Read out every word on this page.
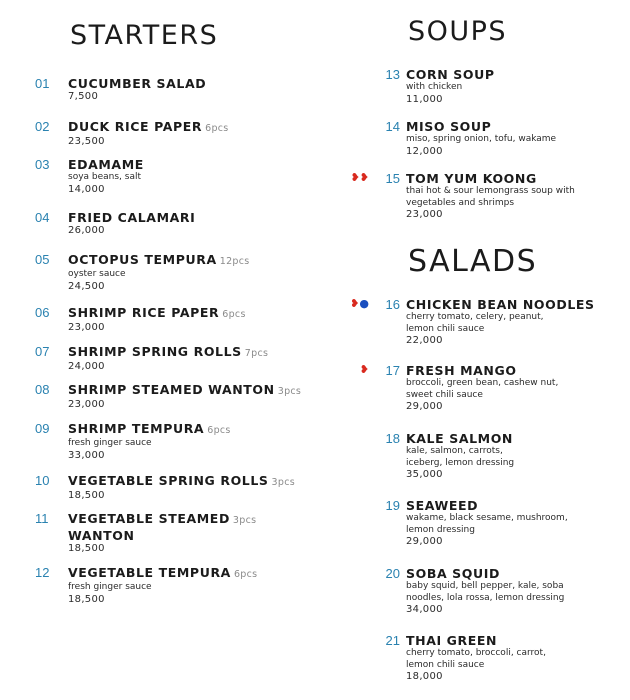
STARTERS
01	CUCUMBER SALAD
7,500
02	DUCK RICE PAPER 6pcs
23,500
03	EDAMAME
soya beans, salt
14,000
04	FRIED CALAMARI
26,000
05	OCTOPUS TEMPURA 12pcs
oyster sauce
24,500
06	SHRIMP RICE PAPER 6pcs
23,000
07	SHRIMP SPRING ROLLS 7pcs
24,000
08	SHRIMP STEAMED WANTON 3pcs
23,000
09	SHRIMP TEMPURA 6pcs
fresh ginger sauce
33,000
10	VEGETABLE SPRING ROLLS 3pcs
18,500
11	VEGETABLE STEAMED 3pcs
WANTON
18,500
12	VEGETABLE TEMPURA 6pcs
fresh ginger sauce
18,500
SOUPS
13 CORN SOUP
with chicken
11,000
14 MISO SOUP
miso, spring onion, tofu, wakame
12,000
❥❥	15 TOM YUM KOONG
thai hot & sour lemongrass soup with
vegetables and shrimps
23,000
SALADS
❥●	16 CHICKEN BEAN NOODLES
cherry tomato, celery, peanut,
lemon chili sauce
22,000
❥	17 FRESH MANGO
broccoli, green bean, cashew nut,
sweet chili sauce
29,000
18 KALE SALMON
kale, salmon, carrots,
iceberg, lemon dressing
35,000
19 SEAWEED
wakame, black sesame, mushroom,
lemon dressing
29,000
20 SOBA SQUID
baby squid, bell pepper, kale, soba
noodles, lola rossa, lemon dressing
34,000
21 THAI GREEN
cherry tomato, broccoli, carrot,
lemon chili sauce
18,000
